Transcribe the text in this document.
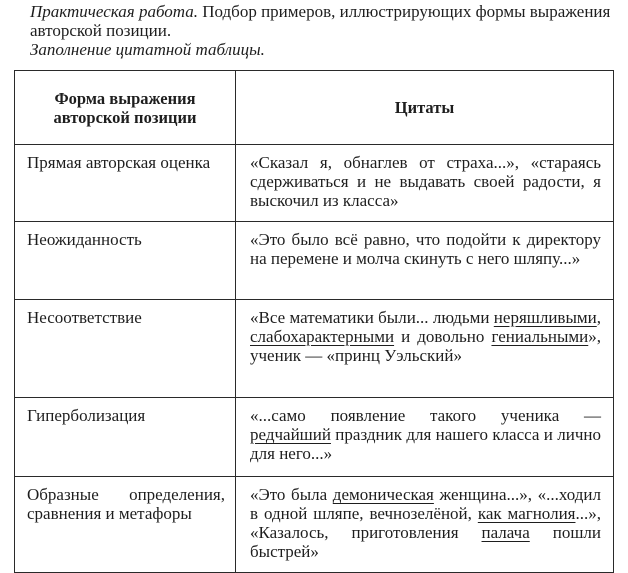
Практическая работа. Подбор примеров, иллюстрирующих формы выражения авторской позиции.

Заполнение цитатной таблицы.

Форма выражения авторской позиции	Цитаты
Прямая авторская оценка	«Сказал я, обнаглев от страха...», «стараясь сдерживаться и не выдавать своей радости, я выскочил из класса»
Неожиданность	«Это было всё равно, что подойти к директору на перемене и молча скинуть с него шляпу...»
Несоответствие	«Все математики были... людьми неряшливыми, слабохарактерными и довольно гениальными», ученик — «принц Уэльский»
Гиперболизация	«...само появление такого ученика — редчайший праздник для нашего класса и лично для него...»
Образные определения, сравнения и метафоры	«Это была демоническая женщина...», «...ходил в одной шляпе, вечнозелёной, как магнолия...», «Казалось, приготовления палача пошли быстрей»
